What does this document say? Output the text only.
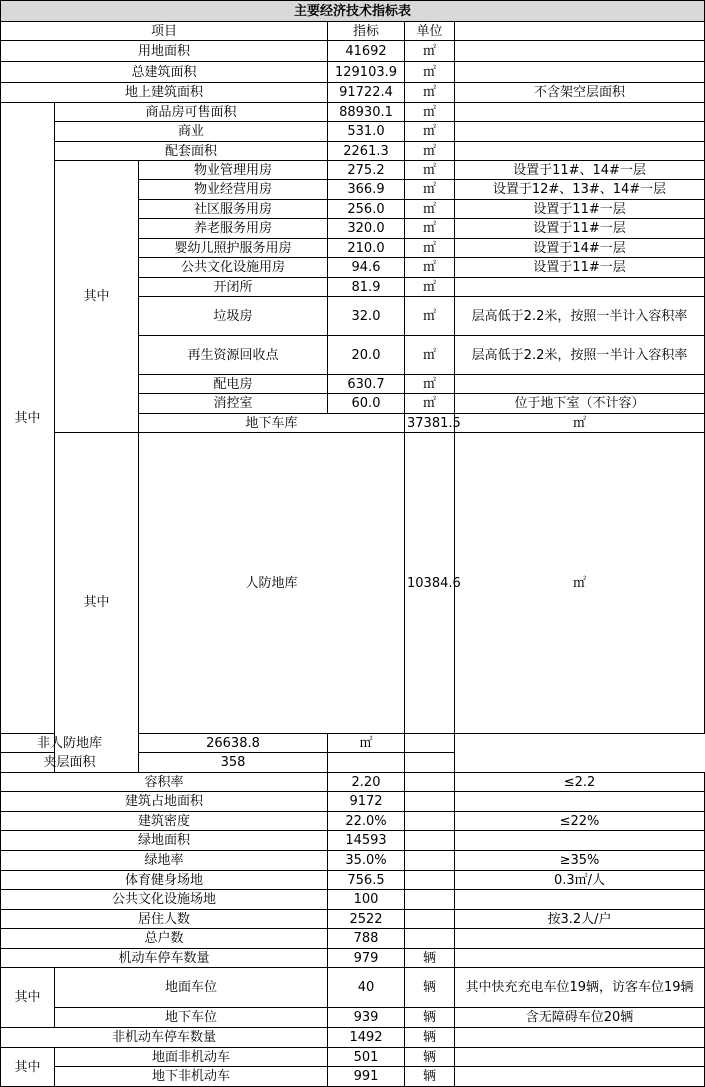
主要经济技术指标表						
项目			指标	单位		
用地面积			41692	㎡		
总建筑面积			129103.9	㎡		
地上建筑面积			91722.4	㎡	不含架空层面积	
其中	商品房可售面积		88930.1	㎡		
	商业		531.0	㎡		
	配套面积		2261.3	㎡		
	其中	物业管理用房	275.2	㎡	设置于11#、14#一层	
		物业经营用房	366.9	㎡	设置于12#、13#、14#一层	
		社区服务用房	256.0	㎡	设置于11#一层	
		养老服务用房	320.0	㎡	设置于11#一层	
		婴幼儿照护服务用房	210.0	㎡	设置于14#一层	
		公共文化设施用房	94.6	㎡	设置于11#一层	
		开闭所	81.9	㎡		
		垃圾房	32.0	㎡	层高低于2.2米，按照一半计入容积率	
		再生资源回收点	20.0	㎡	层高低于2.2米，按照一半计入容积率	
		配电房	630.7	㎡		
		消控室	60.0	㎡	位于地下室（不计容）	
		地下车库		37381.5	㎡	
	其中	人防地库		10384.6	㎡	
非人防地库		26638.8	㎡			
夹层面积		358				
容积率			2.20		≤2.2	
建筑占地面积			9172			
建筑密度			22.0%		≤22%	
绿地面积			14593			
绿地率			35.0%		≥35%	
体育健身场地			756.5		0.3㎡/人	
公共文化设施场地			100			
居住人数			2522		按3.2人/户	
总户数			788			
机动车停车数量			979	辆		
其中	地面车位		40	辆	其中快充充电车位19辆，访客车位19辆	
	地下车位		939	辆	含无障碍车位20辆	
非机动车停车数量			1492	辆		
其中	地面非机动车		501	辆		
	地下非机动车		991	辆		
